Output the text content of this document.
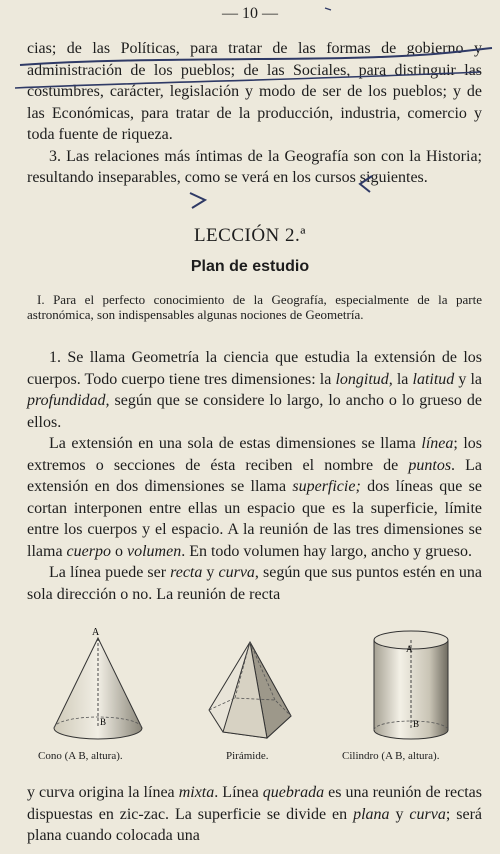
— 10 —

cias; de las Políticas, para tratar de las formas de gobierno y administración de los pueblos; de las Sociales, para distinguir las costumbres, carácter, legislación y modo de ser de los pueblos; y de las Económicas, para tratar de la producción, industria, comercio y toda fuente de riqueza.

3. Las relaciones más íntimas de la Geografía son con la Historia; resultando inseparables, como se verá en los cursos siguientes.

LECCIÓN 2.ª
Plan de estudio

I. Para el perfecto conocimiento de la Geografía, especialmente de la parte astronómica, son indispensables algunas nociones de Geometría.

1. Se llama Geometría la ciencia que estudia la extensión de los cuerpos. Todo cuerpo tiene tres dimensiones: la longitud, la latitud y la profundidad, según que se considere lo largo, lo ancho o lo grueso de ellos.

La extensión en una sola de estas dimensiones se llama línea; los extremos o secciones de ésta reciben el nombre de puntos. La extensión en dos dimensiones se llama superficie; dos líneas que se cortan interponen entre ellas un espacio que es la superficie, límite entre los cuerpos y el espacio. A la reunión de las tres dimensiones se llama cuerpo o volumen. En todo volumen hay largo, ancho y grueso.

La línea puede ser recta y curva, según que sus puntos estén en una sola dirección o no. La reunión de recta

A
B
Cono (A B, altura).	Pirámide.
A
B
Cilindro (A B, altura).

y curva origina la línea mixta. Línea quebrada es una reunión de rectas dispuestas en zic-zac. La superficie se divide en plana y curva; será plana cuando colocada una
